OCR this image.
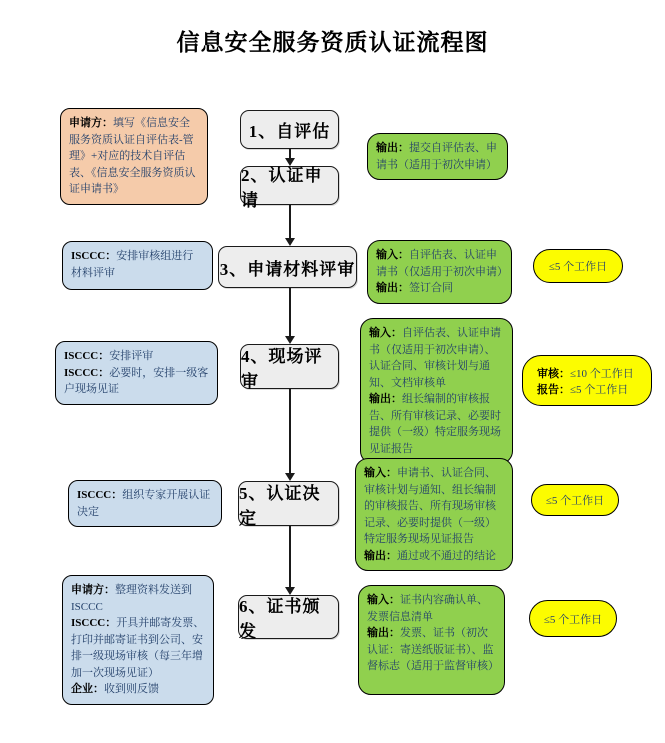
信息安全服务资质认证流程图
1、自评估
2、认证申请
3、申请材料评审
4、现场评审
5、认证决定
6、证书颁发

申请方：填写《信息安全服务资质认证自评估表-管理》+对应的技术自评估表、《信息安全服务资质认证申请书》

ISCCC：安排审核组进行材料评审

ISCCC：安排评审

ISCCC：必要时，安排一级客户现场见证

ISCCC：组织专家开展认证决定

申请方：整理资料发送到 ISCCC

ISCCC：开具并邮寄发票、打印并邮寄证书到公司、安排一级现场审核（每三年增加一次现场见证）

企业：收到则反馈

输出：提交自评估表、申请书（适用于初次申请）

输入：自评估表、认证申请书（仅适用于初次申请）

输出：签订合同

输入：自评估表、认证申请书（仅适用于初次申请）、认证合同、审核计划与通知、文档审核单

输出：组长编制的审核报告、所有审核记录、必要时提供（一级）特定服务现场见证报告

输入：申请书、认证合同、审核计划与通知、组长编制的审核报告、所有现场审核记录、必要时提供（一级）特定服务现场见证报告

输出：通过或不通过的结论

输入：证书内容确认单、发票信息清单

输出：发票、证书（初次认证：寄送纸版证书）、监督标志（适用于监督审核）

≤5 个工作日

审核：≤10 个工作日

报告：≤5 个工作日

≤5 个工作日

≤5 个工作日
